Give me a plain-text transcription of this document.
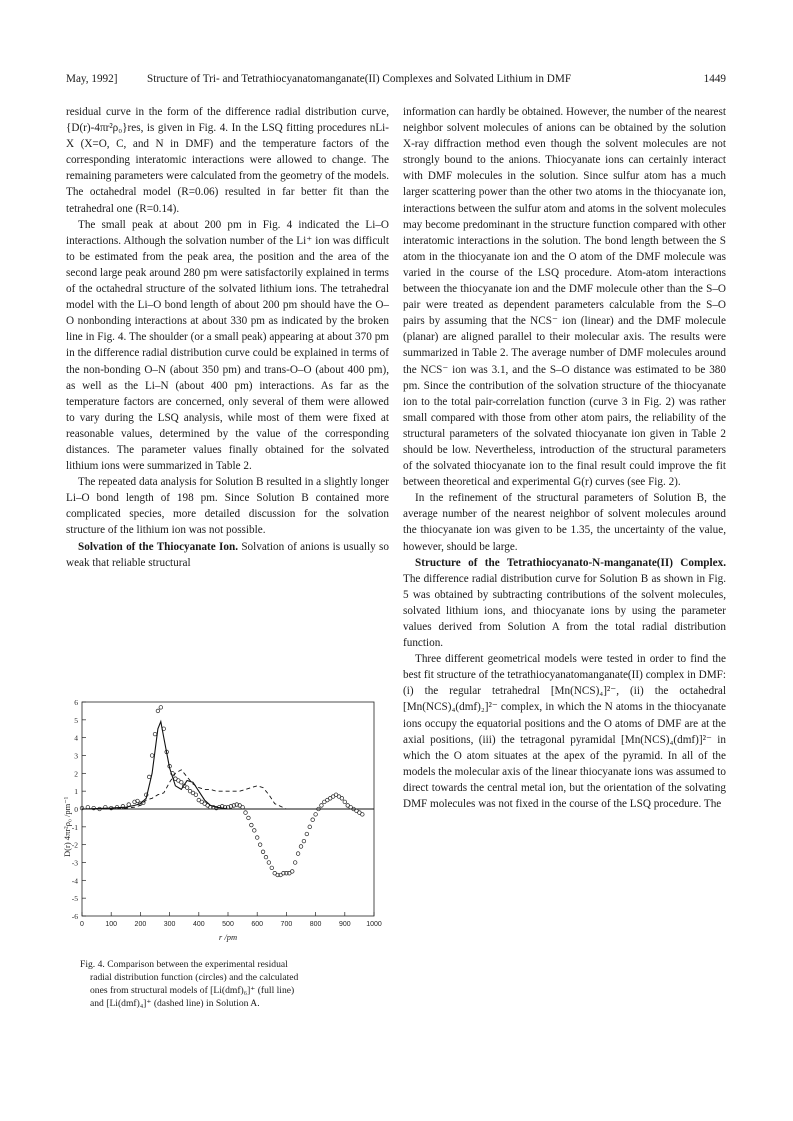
May, 1992]	Structure of Tri- and Tetrathiocyanatomanganate(II) Complexes and Solvated Lithium in DMF	1449

residual curve in the form of the difference radial distribution curve, {D(r)-4πr²ρ₀}res, is given in Fig. 4. In the LSQ fitting procedures nLi-X (X=O, C, and N in DMF) and the temperature factors of the corresponding interatomic interactions were allowed to change. The remaining parameters were calculated from the geometry of the models. The octahedral model (R=0.06) resulted in far better fit than the tetrahedral one (R=0.14).

The small peak at about 200 pm in Fig. 4 indicated the Li–O interactions. Although the solvation number of the Li⁺ ion was difficult to be estimated from the peak area, the position and the area of the second large peak around 280 pm were satisfactorily explained in terms of the octahedral structure of the solvated lithium ions. The tetrahedral model with the Li–O bond length of about 200 pm should have the O–O nonbonding interactions at about 330 pm as indicated by the broken line in Fig. 4. The shoulder (or a small peak) appearing at about 370 pm in the difference radial distribution curve could be explained in terms of the non-bonding O–N (about 350 pm) and trans-O–O (about 400 pm), as well as the Li–N (about 400 pm) interactions. As far as the temperature factors are concerned, only several of them were allowed to vary during the LSQ analysis, while most of them were fixed at reasonable values, determined by the value of the corresponding distances. The parameter values finally obtained for the solvated lithium ions were summarized in Table 2.

The repeated data analysis for Solution B resulted in a slightly longer Li–O bond length of 198 pm. Since Solution B contained more complicated species, more detailed discussion for the solvation structure of the lithium ion was not possible.

Solvation of the Thiocyanate Ion. Solvation of anions is usually so weak that reliable structural

information can hardly be obtained. However, the number of the nearest neighbor solvent molecules of anions can be obtained by the solution X-ray diffraction method even though the solvent molecules are not strongly bound to the anions. Thiocyanate ions can certainly interact with DMF molecules in the solution. Since sulfur atom has a much larger scattering power than the other two atoms in the thiocyanate ion, interactions between the sulfur atom and atoms in the solvent molecules may become predominant in the structure function compared with other interatomic interactions in the solution. The bond length between the S atom in the thiocyanate ion and the O atom of the DMF molecule was varied in the course of the LSQ procedure. Atom-atom interactions between the thiocyanate ion and the DMF molecule other than the S–O pair were treated as dependent parameters calculable from the S–O pairs by assuming that the NCS⁻ ion (linear) and the DMF molecule (planar) are aligned parallel to their molecular axis. The results were summarized in Table 2. The average number of DMF molecules around the NCS⁻ ion was 3.1, and the S–O distance was estimated to be 380 pm. Since the contribution of the solvation structure of the thiocyanate ion to the total pair-correlation function (curve 3 in Fig. 2) was rather small compared with those from other atom pairs, the reliability of the structural parameters of the solvated thiocyanate ion given in Table 2 should be low. Nevertheless, introduction of the structural parameters of the solvated thiocyanate ion to the final result could improve the fit between theoretical and experimental G(r) curves (see Fig. 2).

In the refinement of the structural parameters of Solution B, the average number of the nearest neighbor of solvent molecules around the thiocyanate ion was given to be 1.35, the uncertainty of the value, however, should be large.

Structure of the Tetrathiocyanato-N-manganate(II) Complex. The difference radial distribution curve for Solution B as shown in Fig. 5 was obtained by subtracting contributions of the solvent molecules, solvated lithium ions, and thiocyanate ions by using the parameter values derived from Solution A from the total radial distribution function.

Three different geometrical models were tested in order to find the best fit structure of the tetrathiocyanatomanganate(II) complex in DMF: (i) the regular tetrahedral [Mn(NCS)₄]²⁻, (ii) the octahedral [Mn(NCS)₄(dmf)₂]²⁻ complex, in which the N atoms in the thiocyanate ions occupy the equatorial positions and the O atoms of DMF are at the axial positions, (iii) the tetragonal pyramidal [Mn(NCS)₄(dmf)]²⁻ in which the O atom situates at the apex of the pyramid. In all of the models the molecular axis of the linear thiocyanate ions was assumed to direct towards the central metal ion, but the orientation of the solvating DMF molecules was not fixed in the course of the LSQ procedure. The

6
5
4
3
2
1
0
-1
-2
-3
-4
-5
-6
0	100	200	300	400	500	600	700	800	900 1000
r /pm
D(r) 4πr²ρ₀ /pm⁻¹
Fig. 4. Comparison between the experimental residual
radial distribution function (circles) and the calculated
ones from structural models of [Li(dmf)₆]⁺ (full line)
and [Li(dmf)₄]⁺ (dashed line) in Solution A.
